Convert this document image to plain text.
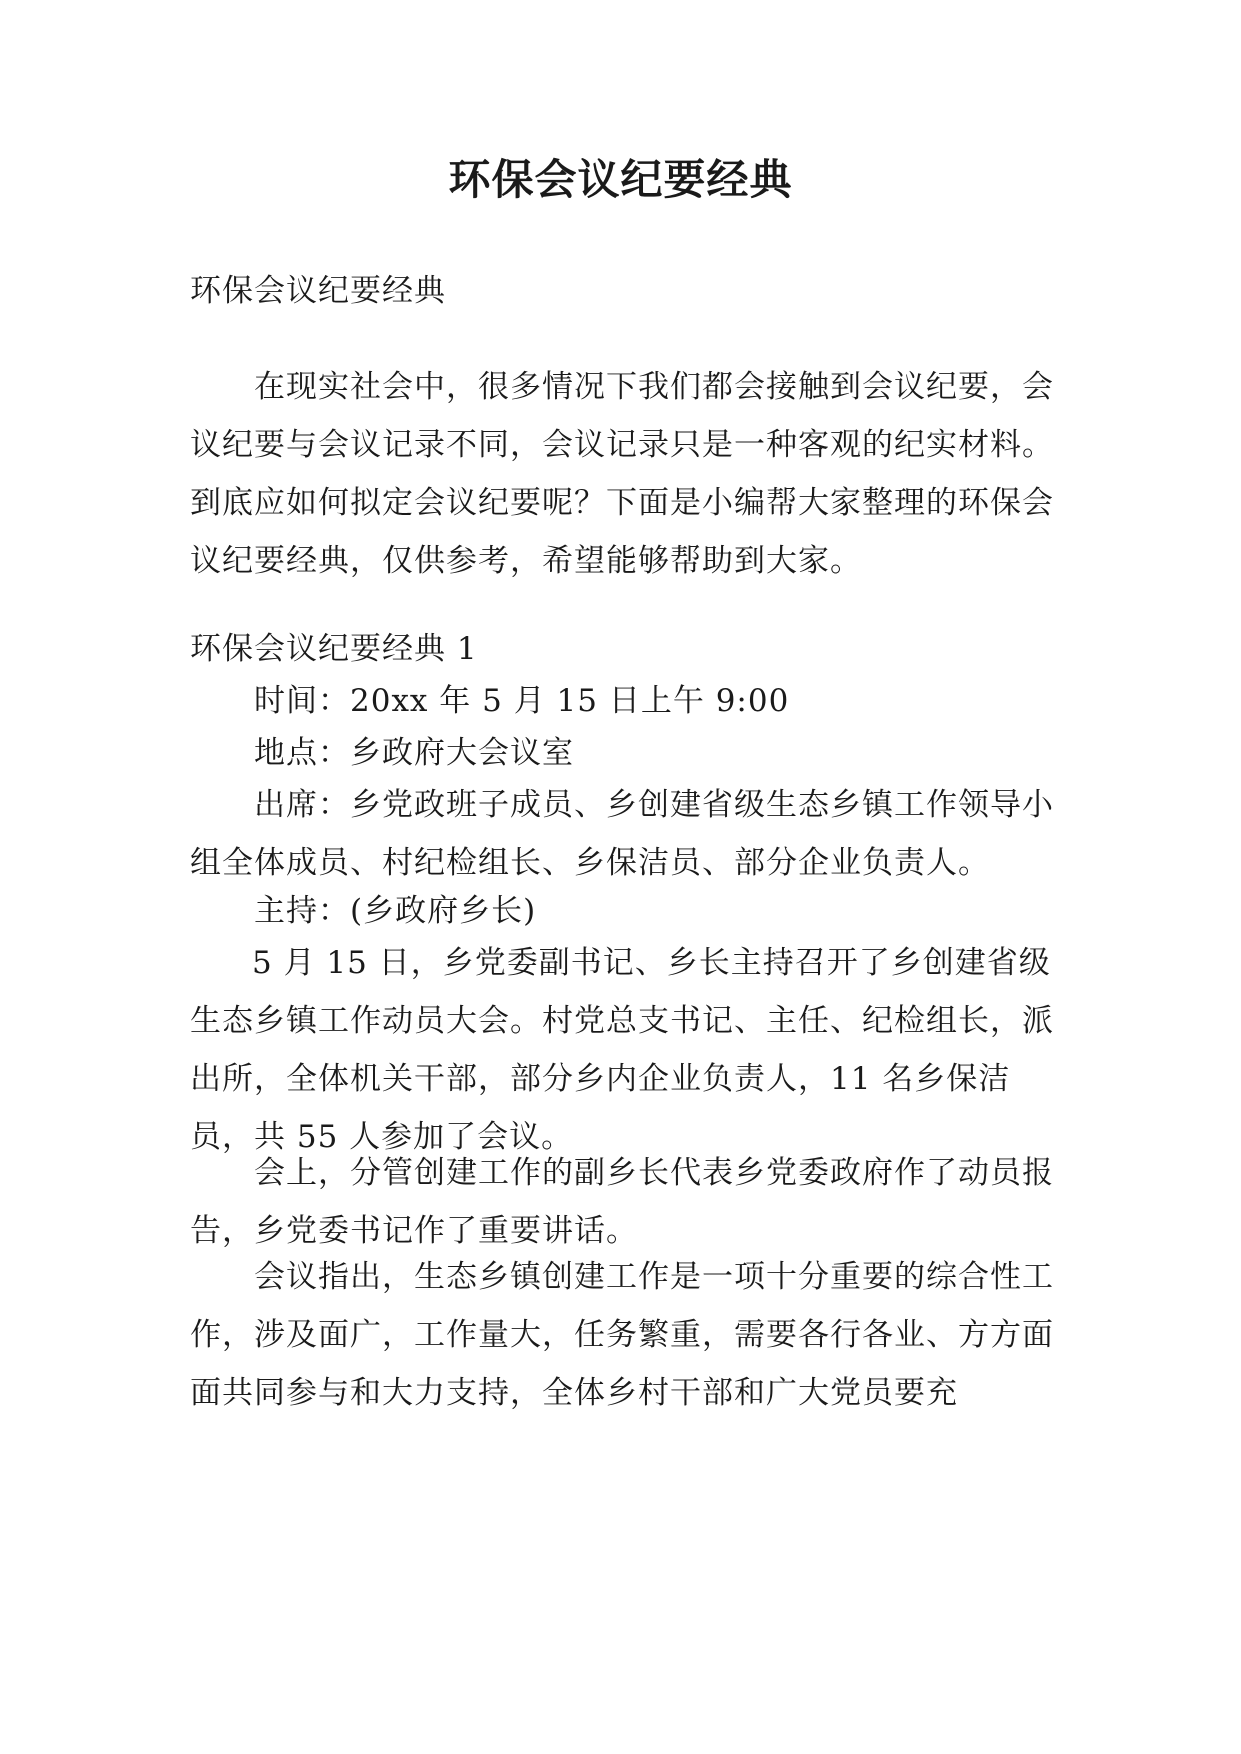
环保会议纪要经典

环保会议纪要经典

在现实社会中，很多情况下我们都会接触到会议纪要，会议纪要与会议记录不同，会议记录只是一种客观的纪实材料。到底应如何拟定会议纪要呢？下面是小编帮大家整理的环保会议纪要经典，仅供参考，希望能够帮助到大家。

环保会议纪要经典 1

时间：20xx 年 5 月 15 日上午 9:00

地点：乡政府大会议室

出席：乡党政班子成员、乡创建省级生态乡镇工作领导小组全体成员、村纪检组长、乡保洁员、部分企业负责人。

主持：(乡政府乡长)

5 月 15 日，乡党委副书记、乡长主持召开了乡创建省级生态乡镇工作动员大会。村党总支书记、主任、纪检组长，派出所，全体机关干部，部分乡内企业负责人，11 名乡保洁员，共 55 人参加了会议。

会上，分管创建工作的副乡长代表乡党委政府作了动员报告，乡党委书记作了重要讲话。

会议指出，生态乡镇创建工作是一项十分重要的综合性工作，涉及面广，工作量大，任务繁重，需要各行各业、方方面面共同参与和大力支持，全体乡村干部和广大党员要充
